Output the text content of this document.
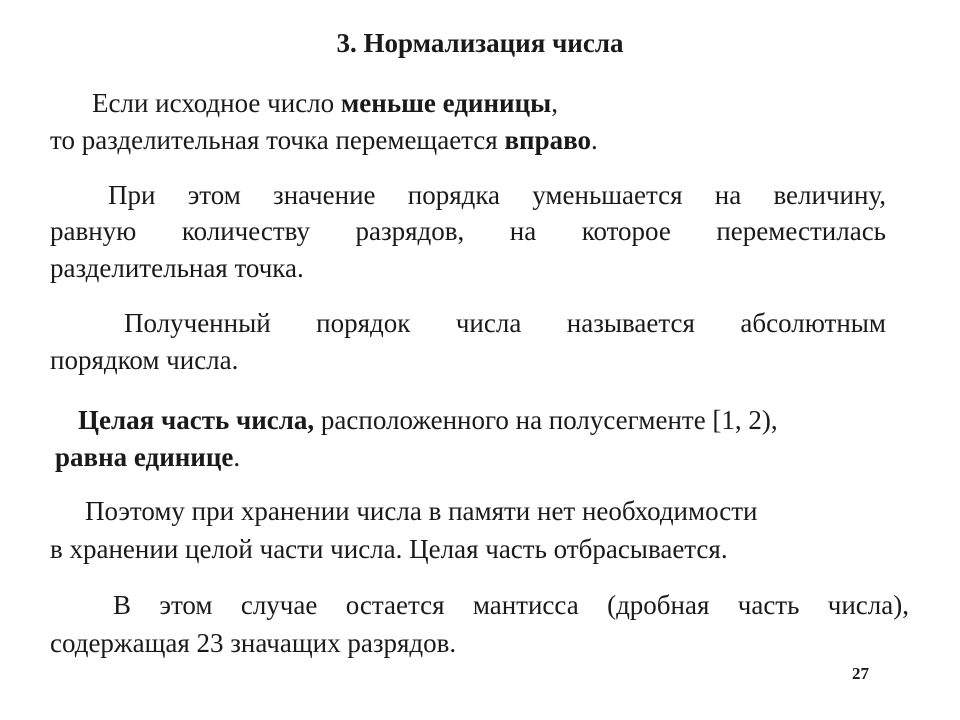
3. Нормализация числа
Если исходное число меньше единицы,
то разделительная точка перемещается вправо.
При этом значение порядка уменьшается на величину,
равную количеству разрядов, на которое переместилась
разделительная точка.
Полученный порядок числа называется абсолютным
порядком числа.
Целая часть числа, расположенного на полусегменте [1, 2),
равна единице.
Поэтому при хранении числа в памяти нет необходимости
в хранении целой части числа. Целая часть отбрасывается.
В этом случае остается мантисса (дробная часть числа),
содержащая 23 значащих разрядов.
27
